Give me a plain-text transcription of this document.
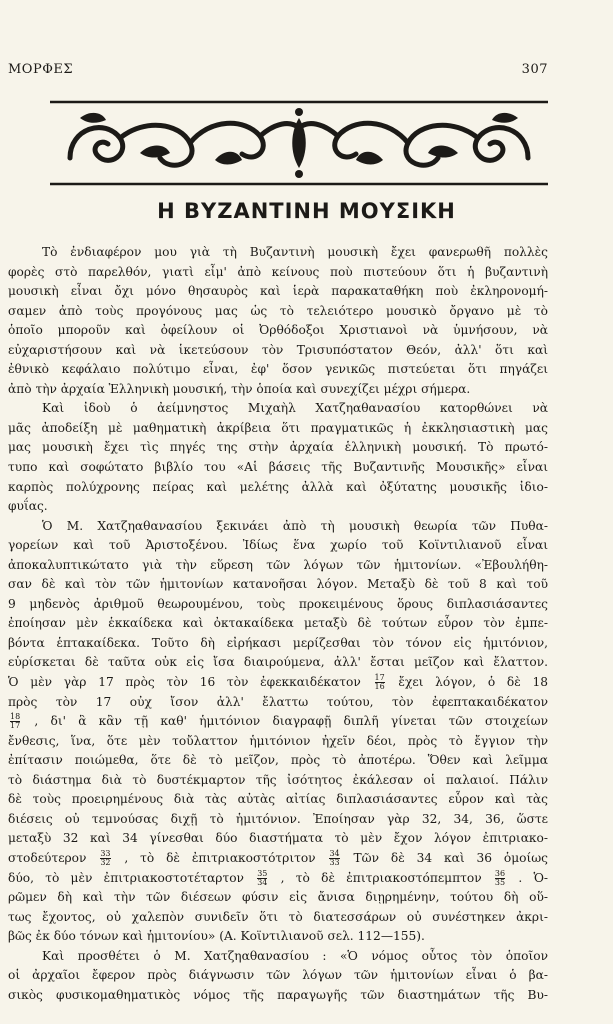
ΜΟΡΦΕΣ	307
Η ΒΥΖΑΝΤΙΝΗ ΜΟΥΣΙΚΗ
Τὸ ἐνδιαφέρον μου γιὰ τὴ Βυζαντινὴ μουσικὴ ἔχει φανερωθῆ πολλὲς
φορὲς στὸ παρελθόν, γιατὶ εἶμ' ἀπὸ κείνους ποὺ πιστεύουν ὅτι ἡ βυζαντινὴ
μουσικὴ εἶναι ὄχι μόνο θησαυρὸς καὶ ἱερὰ παρακαταθήκη ποὺ ἐκληρονομή-
σαμεν ἀπὸ τοὺς προγόνους μας ὡς τὸ τελειότερο μουσικὸ ὄργανο μὲ τὸ
ὁποῖο μποροῦν καὶ ὀφείλουν οἱ Ὀρθόδοξοι Χριστιανοὶ νὰ ὑμνήσουν, νὰ
εὐχαριστήσουν καὶ νὰ ἱκετεύσουν τὸν Τρισυπόστατον Θεόν, ἀλλ' ὅτι καὶ
ἐθνικὸ κεφάλαιο πολύτιμο εἶναι, ἐφ' ὅσον γενικῶς πιστεύεται ὅτι πηγάζει
ἀπὸ τὴν ἀρχαία Ἑλληνικὴ μουσική, τὴν ὁποία καὶ συνεχίζει μέχρι σήμερα.
Καὶ ἰδοὺ ὁ ἀείμνηστος Μιχαὴλ Χατζηαθανασίου κατορθώνει νὰ
μᾶς ἀποδείξη μὲ μαθηματικὴ ἀκρίβεια ὅτι πραγματικῶς ἡ ἐκκλησιαστικὴ μας
μας μουσικὴ ἔχει τὶς πηγές της στὴν ἀρχαία ἑλληνικὴ μουσική. Τὸ πρωτό-
τυπο καὶ σοφώτατο βιβλίο του «Αἱ βάσεις τῆς Βυζαντινῆς Μουσικῆς» εἶναι
καρπὸς πολύχρονης πείρας καὶ μελέτης ἀλλὰ καὶ ὀξύτατης μουσικῆς ἰδιο-
φυΐας.
Ὁ Μ. Χατζηαθανασίου ξεκινάει ἀπὸ τὴ μουσικὴ θεωρία τῶν Πυθα-
γορείων καὶ τοῦ Ἀριστοξένου. Ἰδίως ἕνα χωρίο τοῦ Κοϊντιλιανοῦ εἶναι
ἀποκαλυπτικώτατο γιὰ τὴν εὕρεση τῶν λόγων τῶν ἡμιτονίων. «Ἐβουλήθη-
σαν δὲ καὶ τὸν τῶν ἡμιτονίων κατανοῆσαι λόγον. Μεταξὺ δὲ τοῦ 8 καὶ τοῦ
9 μηδενὸς ἀριθμοῦ θεωρουμένου, τοὺς προκειμένους ὅρους διπλασιάσαντες
ἐποίησαν μὲν ἑκκαίδεκα καὶ ὀκτακαίδεκα μεταξὺ δὲ τούτων εὗρον τὸν ἐμπε-
βόντα ἑπτακαίδεκα. Τοῦτο δὴ εἰρήκασι μερίζεσθαι τὸν τόνον εἰς ἡμιτόνιον,
εὑρίσκεται δὲ ταῦτα οὐκ εἰς ἴσα διαιρούμενα, ἀλλ' ἔσται μεῖζον καὶ ἔλαττον.
Ὁ μὲν γὰρ 17 πρὸς τὸν 16 τὸν ἐφεκκαιδέκατον $\frac{17}{16}$ ἔχει λόγον, ὁ δὲ 18
πρὸς τὸν 17 οὐχ ἴσον ἀλλ' ἔλαττω τούτου, τὸν ἐφεπτακαιδέκατον
$\frac{18}{17}$ , δι' ἃ κἂν τῇ καθ' ἡμιτόνιον διαγραφῇ διπλῆ γίνεται τῶν στοιχείων
ἔνθεσις, ἵνα, ὅτε μὲν τοὔλαττον ἡμιτόνιον ἠχεῖν δέοι, πρὸς τὸ ἔγγιον τὴν
ἐπίτασιν ποιώμεθα, ὅτε δὲ τὸ μεῖζον, πρὸς τὸ ἀποτέρω. Ὅθεν καὶ λεῖμμα
τὸ διάστημα διὰ τὸ δυστέκμαρτον τῆς ἰσότητος ἐκάλεσαν οἱ παλαιοί. Πάλιν
δὲ τοὺς προειρημένους διὰ τὰς αὐτὰς αἰτίας διπλασιάσαντες εὗρον καὶ τὰς
διέσεις οὐ τεμνούσας διχῇ τὸ ἡμιτόνιον. Ἐποίησαν γὰρ 32, 34, 36, ὥστε
μεταξὺ 32 καὶ 34 γίνεσθαι δύο διαστήματα τὸ μὲν ἔχον λόγον ἐπιτριακο-
στοδεύτερον $\frac{33}{32}$ , τὸ δὲ ἐπιτριακοστότριτον $\frac{34}{33}$ Τῶν δὲ 34 καὶ 36 ὁμοίως
δύο, τὸ μὲν ἐπιτριακοστοτέταρτον $\frac{35}{34}$ , τὸ δὲ ἐπιτριακοστόπεμπτον $\frac{36}{35}$ . Ὁ-
ρῶμεν δὴ καὶ τὴν τῶν διέσεων φύσιν εἰς ἄνισα διῃρημένην, τούτου δὴ οὕ-
τως ἔχοντος, οὐ χαλεπὸν συνιδεῖν ὅτι τὸ διατεσσάρων οὐ συνέστηκεν ἀκρι-
βῶς ἐκ δύο τόνων καὶ ἡμιτονίου» (Α. Κοϊντιλιανοῦ σελ. 112—155).
Καὶ προσθέτει ὁ Μ. Χατζηαθανασίου : «Ὁ νόμος οὗτος τὸν ὁποῖον
οἱ ἀρχαῖοι ἔφερον πρὸς διάγνωσιν τῶν λόγων τῶν ἡμιτονίων εἶναι ὁ βα-
σικὸς φυσικομαθηματικὸς νόμος τῆς παραγωγῆς τῶν διαστημάτων τῆς Βυ-
